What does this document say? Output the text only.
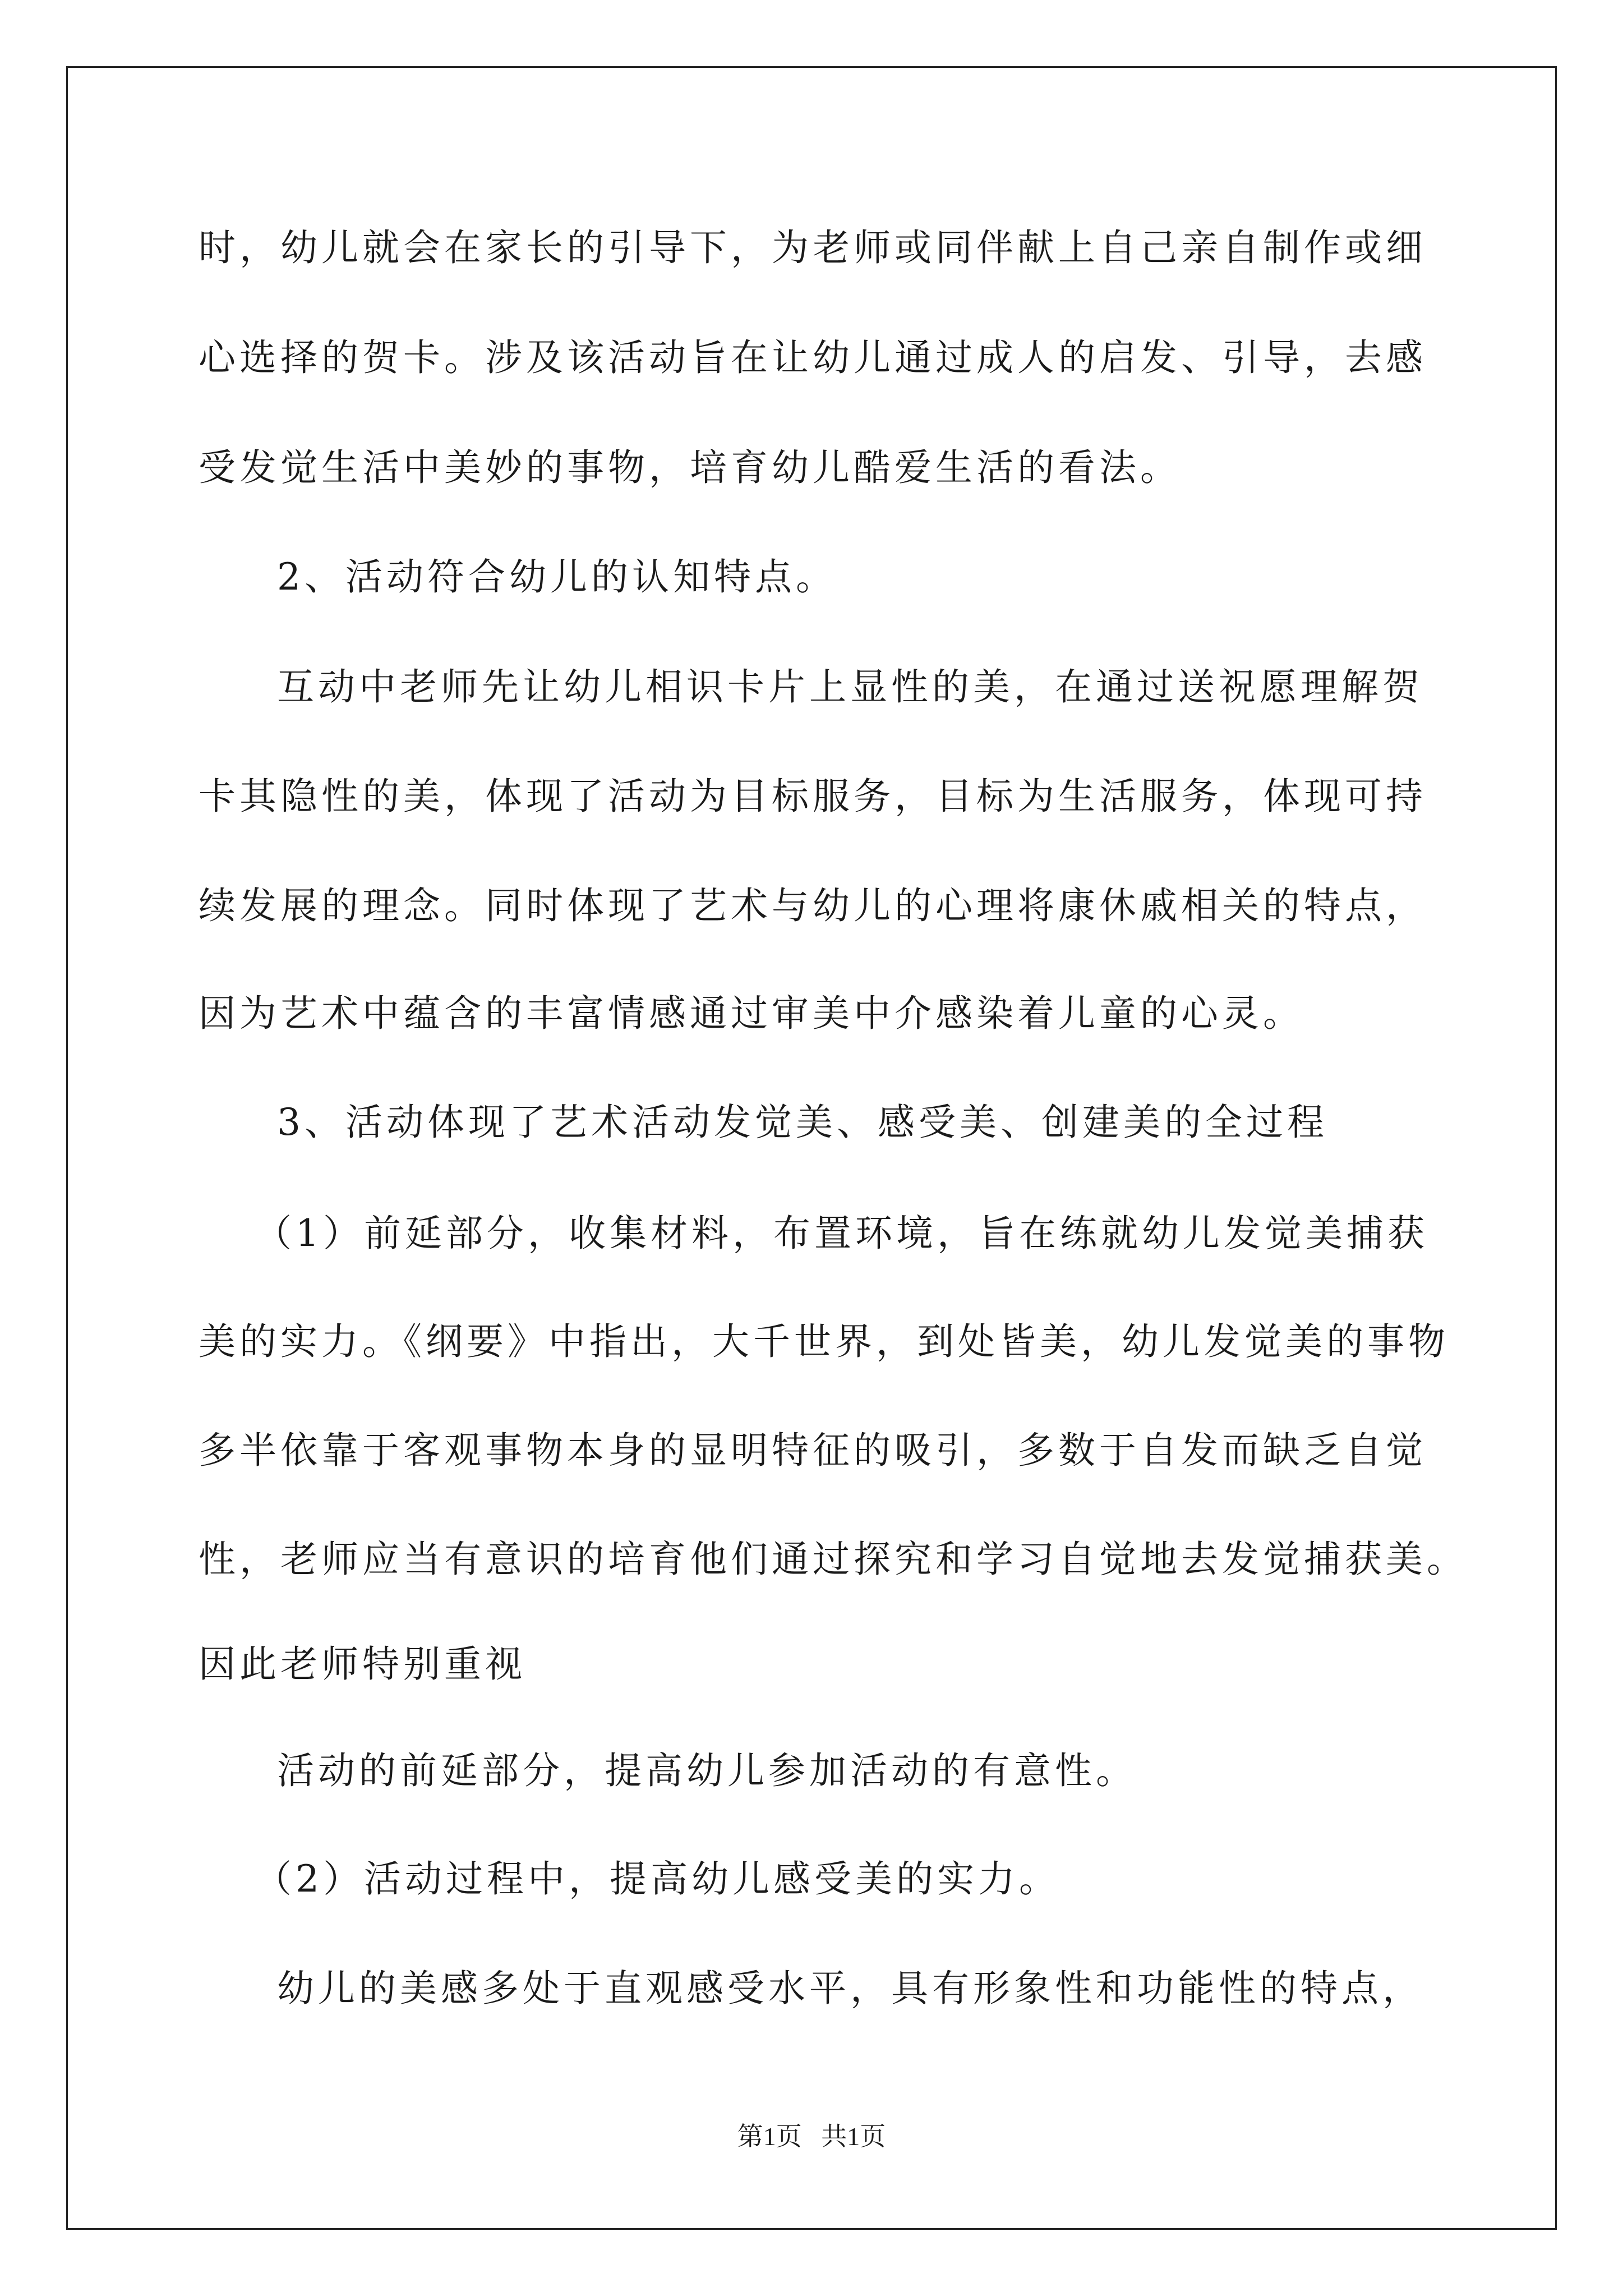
时，幼儿就会在家长的引导下，为老师或同伴献上自己亲自制作或细
心选择的贺卡。涉及该活动旨在让幼儿通过成人的启发、引导，去感
受发觉生活中美妙的事物，培育幼儿酷爱生活的看法。
2、活动符合幼儿的认知特点。
互动中老师先让幼儿相识卡片上显性的美，在通过送祝愿理解贺
卡其隐性的美，体现了活动为目标服务，目标为生活服务，体现可持
续发展的理念。同时体现了艺术与幼儿的心理将康休戚相关的特点，
因为艺术中蕴含的丰富情感通过审美中介感染着儿童的心灵。
3、活动体现了艺术活动发觉美、感受美、创建美的全过程
（1）前延部分，收集材料，布置环境，旨在练就幼儿发觉美捕获
美的实力。《纲要》中指出，大千世界，到处皆美，幼儿发觉美的事物
多半依靠于客观事物本身的显明特征的吸引，多数于自发而缺乏自觉
性，老师应当有意识的培育他们通过探究和学习自觉地去发觉捕获美。
因此老师特别重视
活动的前延部分，提高幼儿参加活动的有意性。
（2）活动过程中，提高幼儿感受美的实力。
幼儿的美感多处于直观感受水平，具有形象性和功能性的特点，
第1页   共1页
